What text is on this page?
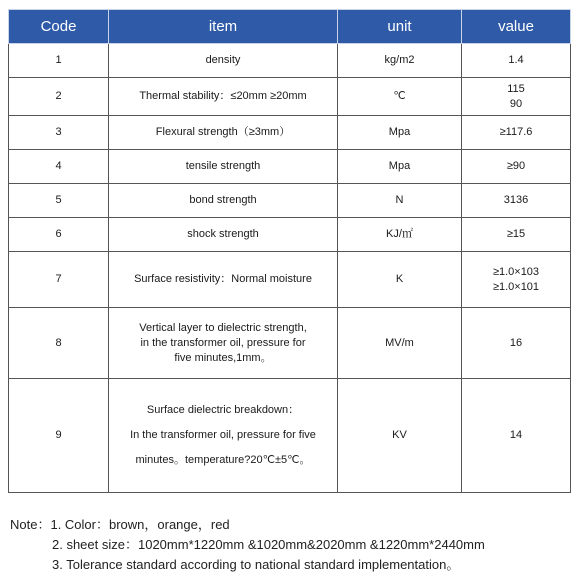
Code	item	unit	value
1	density	kg/m2	1.4

2	Thermal stability：≤20mm ≥20mm	℃	115
90

3	Flexural strength（≥3mm）	Mpa	≥117.6

4	tensile strength	Mpa	≥90

5	bond strength	N	3136

6	shock strength	KJ/㎡	≥15

7	Surface resistivity：Normal moisture	K	≥1.0×103
≥1.0×101

8	Vertical layer to dielectric strength,
in the transformer oil, pressure for
five minutes,1mm。	MV/m	16

9	Surface dielectric breakdown：
In the transformer oil, pressure for five
minutes。temperature?20℃±5℃。	KV	14
Note：1. Color：brown，orange，red
2. sheet size：1020mm*1220mm &1020mm&2020mm &1220mm*2440mm
3. Tolerance standard according to national standard implementation。
